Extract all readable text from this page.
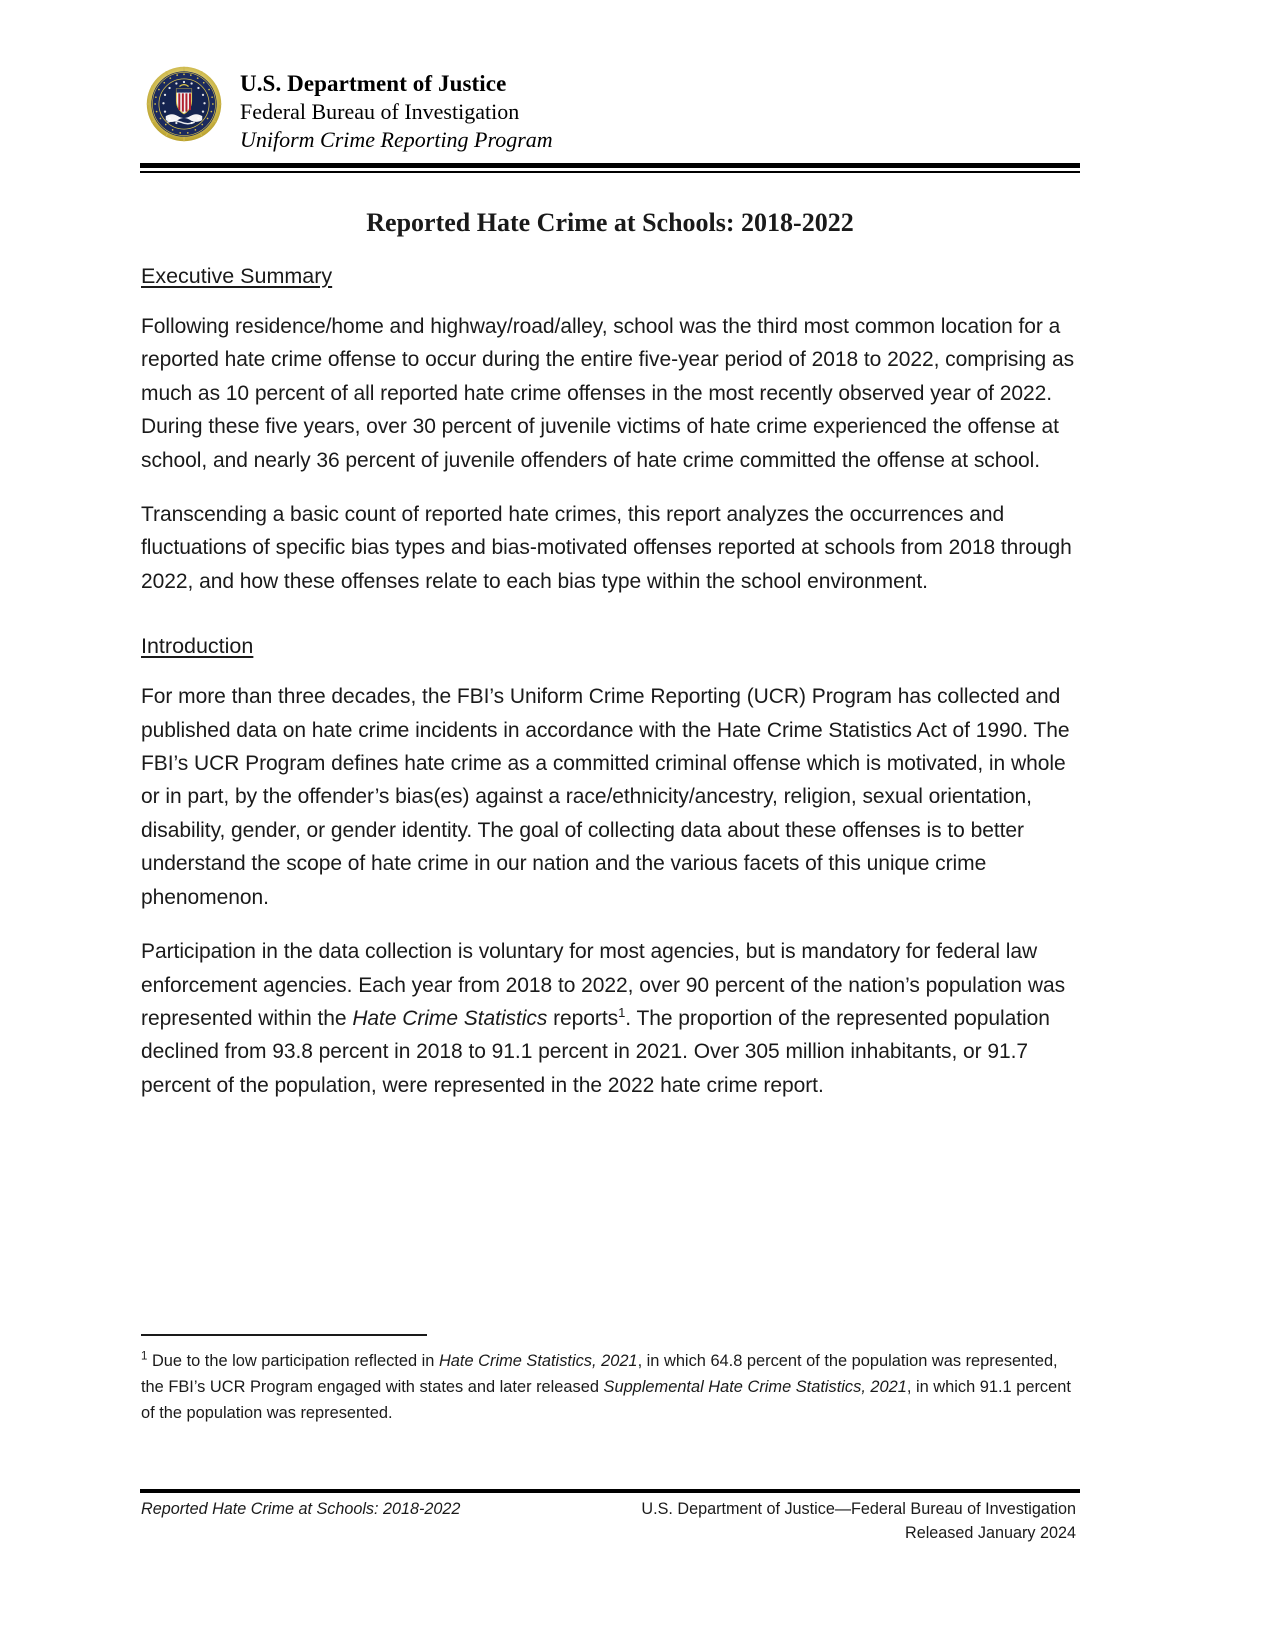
U.S. Department of Justice
Federal Bureau of Investigation
Uniform Crime Reporting Program
Reported Hate Crime at Schools: 2018-2022
Executive Summary

Following residence/home and highway/road/alley, school was the third most common location for a reported hate crime offense to occur during the entire five-year period of 2018 to 2022, comprising as much as 10 percent of all reported hate crime offenses in the most recently observed year of 2022. During these five years, over 30 percent of juvenile victims of hate crime experienced the offense at school, and nearly 36 percent of juvenile offenders of hate crime committed the offense at school.

Transcending a basic count of reported hate crimes, this report analyzes the occurrences and fluctuations of specific bias types and bias-motivated offenses reported at schools from 2018 through 2022, and how these offenses relate to each bias type within the school environment.

Introduction

For more than three decades, the FBI’s Uniform Crime Reporting (UCR) Program has collected and published data on hate crime incidents in accordance with the Hate Crime Statistics Act of 1990. The FBI’s UCR Program defines hate crime as a committed criminal offense which is motivated, in whole or in part, by the offender’s bias(es) against a race/ethnicity/ancestry, religion, sexual orientation, disability, gender, or gender identity. The goal of collecting data about these offenses is to better understand the scope of hate crime in our nation and the various facets of this unique crime phenomenon.

Participation in the data collection is voluntary for most agencies, but is mandatory for federal law enforcement agencies. Each year from 2018 to 2022, over 90 percent of the nation’s population was represented within the Hate Crime Statistics reports$^1$. The proportion of the represented population declined from 93.8 percent in 2018 to 91.1 percent in 2021. Over 305 million inhabitants, or 91.7 percent of the population, were represented in the 2022 hate crime report.

$^1$ Due to the low participation reflected in Hate Crime Statistics, 2021, in which 64.8 percent of the population was represented, the FBI’s UCR Program engaged with states and later released Supplemental Hate Crime Statistics, 2021, in which 91.1 percent of the population was represented.
Reported Hate Crime at Schools: 2018-2022	U.S. Department of Justice—Federal Bureau of Investigation
Released January 2024
